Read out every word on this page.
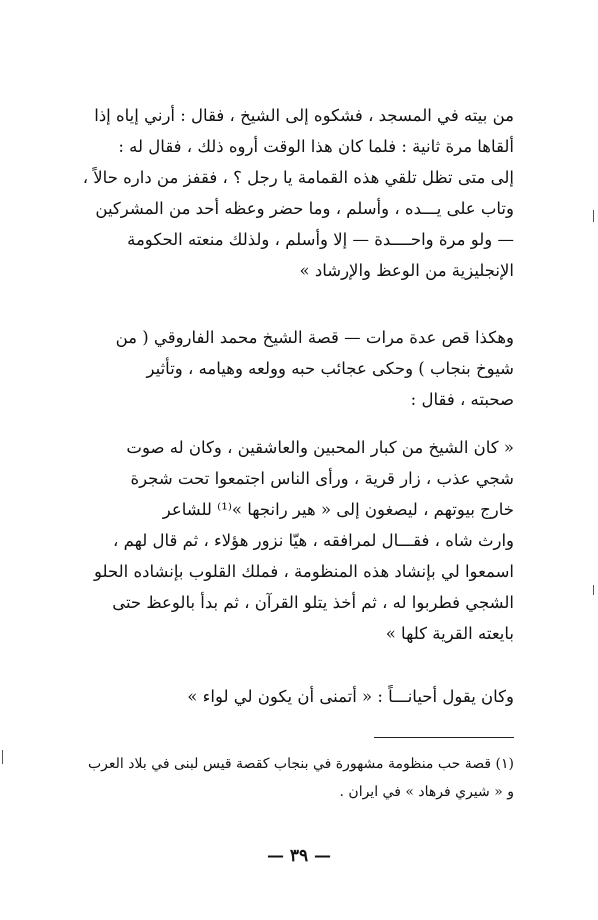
من بيته في المسجد ، فشكوه إلى الشيخ ، فقال : أرني إياه إذا
ألقاها مرة ثانية : فلما كان هذا الوقت أروه ذلك ، فقال له :
إلى متى تظل تلقي هذه القمامة يا رجل ؟ ، فقفز من داره حالاً ،
وتاب على يـــده ، وأسلم ، وما حضر وعظه أحد من المشركين
— ولو مرة واحــــدة — إلا وأسلم ، ولذلك منعته الحكومة
الإنجليزية من الوعظ والإرشاد »
وهكذا قص عدة مرات — قصة الشيخ محمد الفاروقي ( من
شيوخ بنجاب ) وحكى عجائب حبه وولعه وهيامه ، وتأثير
صحبته ، فقال :
« كان الشيخ من كبار المحبين والعاشقين ، وكان له صوت
شجي عذب ، زار قرية ، ورأى الناس اجتمعوا تحت شجرة
خارج بيوتهم ، ليصغون إلى « هير رانجها »⁽¹⁾ للشاعر
وارث شاه ، فقـــال لمرافقه ، هيّا نزور هؤلاء ، ثم قال لهم ،
اسمعوا لي بإنشاد هذه المنظومة ، فملك القلوب بإنشاده الحلو
الشجي فطربوا له ، ثم أخذ يتلو القرآن ، ثم بدأ بالوعظ حتى
بايعته القرية كلها »
وكان يقول أحيانـــاً : « أتمنى أن يكون لي لواء »
(١) قصة حب منظومة مشهورة في بنجاب كقصة قيس لبنى في بلاد العرب
و « شيري فرهاد » في ايران .
— ٣٩ —
